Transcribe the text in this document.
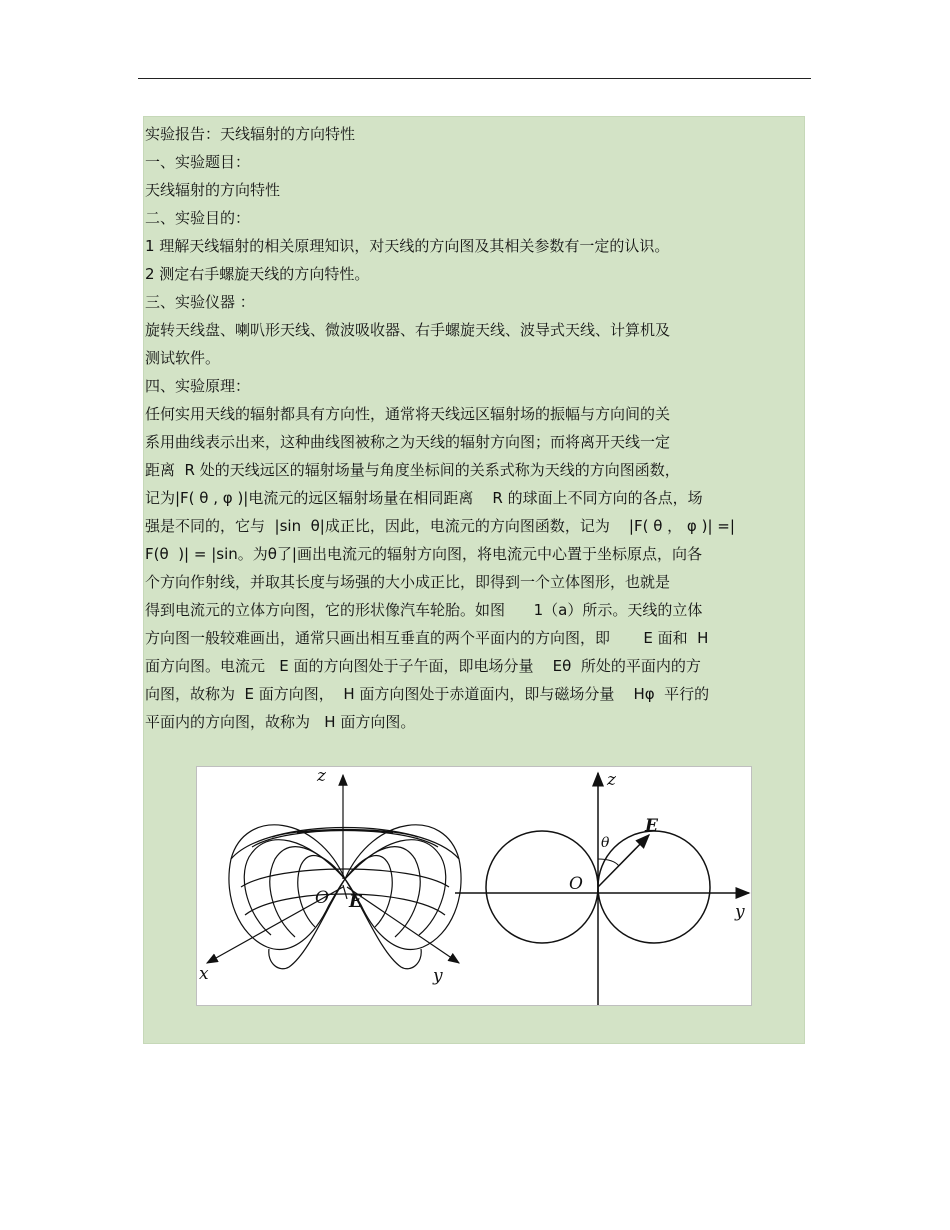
实验报告：天线辐射的方向特性
一、实验题目：
天线辐射的方向特性
二、实验目的：
1 理解天线辐射的相关原理知识，对天线的方向图及其相关参数有一定的认识。
2 测定右手螺旋天线的方向特性。
三、实验仪器 ：
旋转天线盘、喇叭形天线、微波吸收器、右手螺旋天线、波导式天线、计算机及
测试软件。
四、实验原理：
任何实用天线的辐射都具有方向性，通常将天线远区辐射场的振幅与方向间的关
系用曲线表示出来，这种曲线图被称之为天线的辐射方向图；而将离开天线一定
距离  R 处的天线远区的辐射场量与角度坐标间的关系式称为天线的方向图函数，
记为|F( θ , φ )|电流元的远区辐射场量在相同距离    R 的球面上不同方向的各点，场
强是不同的，它与  |sin  θ|成正比，因此，电流元的方向图函数，记为    |F( θ ， φ )| =|
F(θ  )| = |sin。为θ了|画出电流元的辐射方向图，将电流元中心置于坐标原点，向各
个方向作射线，并取其长度与场强的大小成正比，即得到一个立体图形，也就是
得到电流元的立体方向图，它的形状像汽车轮胎。如图      1（a）所示。天线的立体
方向图一般较难画出，通常只画出相互垂直的两个平面内的方向图，即       E 面和  H
面方向图。电流元   E 面的方向图处于子午面，即电场分量    Eθ  所处的平面内的方
向图，故称为  E 面方向图，  H 面方向图处于赤道面内，即与磁场分量    Hφ  平行的
平面内的方向图，故称为   H 面方向图。
z
x	y
O E
z
y
O
E
θ
